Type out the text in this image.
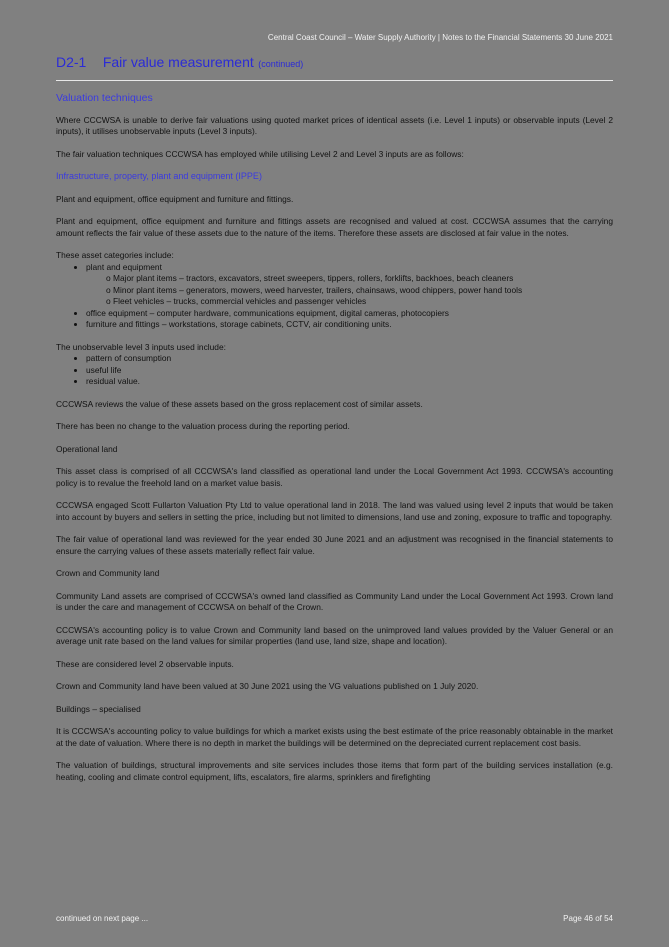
Central Coast Council – Water Supply Authority | Notes to the Financial Statements 30 June 2021
D2-1 Fair value measurement (continued)
Valuation techniques

Where CCCWSA is unable to derive fair valuations using quoted market prices of identical assets (i.e. Level 1 inputs) or observable inputs (Level 2 inputs), it utilises unobservable inputs (Level 3 inputs).

The fair valuation techniques CCCWSA has employed while utilising Level 2 and Level 3 inputs are as follows:

Infrastructure, property, plant and equipment (IPPE)
Plant and equipment, office equipment and furniture and fittings.

Plant and equipment, office equipment and furniture and fittings assets are recognised and valued at cost. CCCWSA assumes that the carrying amount reflects the fair value of these assets due to the nature of the items. Therefore these assets are disclosed at fair value in the notes.

These asset categories include:
• plant and equipment
o Major plant items – tractors, excavators, street sweepers, tippers, rollers, forklifts, backhoes, beach cleaners
o Minor plant items – generators, mowers, weed harvester, trailers, chainsaws, wood chippers, power hand tools
o Fleet vehicles – trucks, commercial vehicles and passenger vehicles
• office equipment – computer hardware, communications equipment, digital cameras, photocopiers
• furniture and fittings – workstations, storage cabinets, CCTV, air conditioning units.
The unobservable level 3 inputs used include:
• pattern of consumption
• useful life
• residual value.

CCCWSA reviews the value of these assets based on the gross replacement cost of similar assets.

There has been no change to the valuation process during the reporting period.

Operational land

This asset class is comprised of all CCCWSA's land classified as operational land under the Local Government Act 1993. CCCWSA's accounting policy is to revalue the freehold land on a market value basis.

CCCWSA engaged Scott Fullarton Valuation Pty Ltd to value operational land in 2018. The land was valued using level 2 inputs that would be taken into account by buyers and sellers in setting the price, including but not limited to dimensions, land use and zoning, exposure to traffic and topography.

The fair value of operational land was reviewed for the year ended 30 June 2021 and an adjustment was recognised in the financial statements to ensure the carrying values of these assets materially reflect fair value.

Crown and Community land

Community Land assets are comprised of CCCWSA's owned land classified as Community Land under the Local Government Act 1993. Crown land is under the care and management of CCCWSA on behalf of the Crown.

CCCWSA's accounting policy is to value Crown and Community land based on the unimproved land values provided by the Valuer General or an average unit rate based on the land values for similar properties (land use, land size, shape and location).

These are considered level 2 observable inputs.

Crown and Community land have been valued at 30 June 2021 using the VG valuations published on 1 July 2020.

Buildings – specialised

It is CCCWSA's accounting policy to value buildings for which a market exists using the best estimate of the price reasonably obtainable in the market at the date of valuation. Where there is no depth in market the buildings will be determined on the depreciated current replacement cost basis.

The valuation of buildings, structural improvements and site services includes those items that form part of the building services installation (e.g. heating, cooling and climate control equipment, lifts, escalators, fire alarms, sprinklers and firefighting

continued on next page ...	Page 46 of 54
